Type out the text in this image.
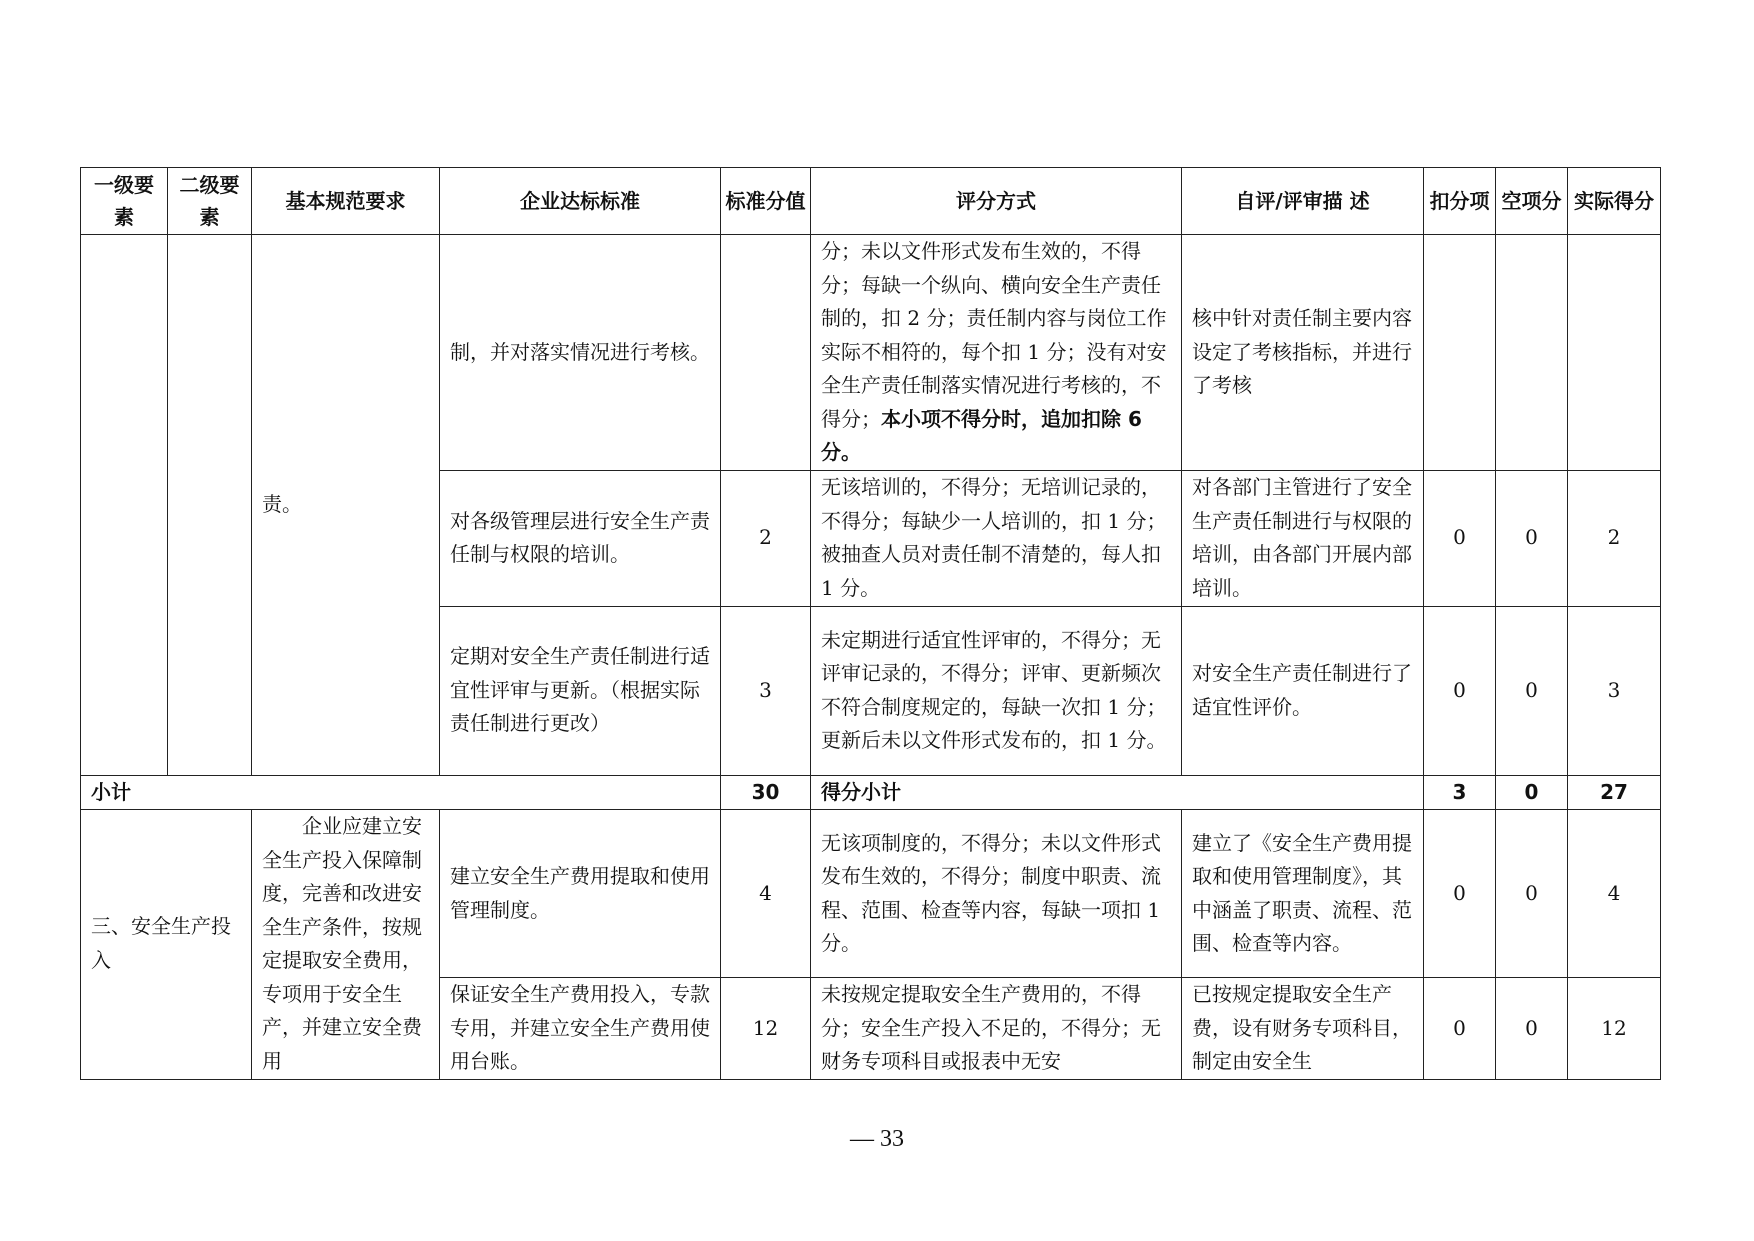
一级要素	二级要素	基本规范要求	企业达标标准	标准分值	评分方式	自评/评审描 述	扣分项	空项分	实际得分
		责。	制，并对落实情况进行考核。		分；未以文件形式发布生效的，不得分；每缺一个纵向、横向安全生产责任制的，扣 2 分；责任制内容与岗位工作实际不相符的，每个扣 1 分；没有对安全生产责任制落实情况进行考核的，不得分；本小项不得分时，追加扣除 6 分。	核中针对责任制主要内容设定了考核指标，并进行了考核			
			对各级管理层进行安全生产责任制与权限的培训。	2	无该培训的，不得分；无培训记录的，不得分；每缺少一人培训的，扣 1 分；被抽查人员对责任制不清楚的，每人扣 1 分。	对各部门主管进行了安全生产责任制进行与权限的培训，由各部门开展内部培训。	0	0	2
			定期对安全生产责任制进行适宜性评审与更新。（根据实际责任制进行更改）	3	未定期进行适宜性评审的，不得分；无评审记录的，不得分；评审、更新频次不符合制度规定的，每缺一次扣 1 分；更新后未以文件形式发布的，扣 1 分。	对安全生产责任制进行了适宜性评价。	0	0	3
小计				30	得分小计		3	0	27
三、安全生产投入		企业应建立安全生产投入保障制度，完善和改进安全生产条件，按规定提取安全费用，专项用于安全生产，并建立安全费用	建立安全生产费用提取和使用管理制度。	4	无该项制度的，不得分；未以文件形式发布生效的，不得分；制度中职责、流程、范围、检查等内容，每缺一项扣 1 分。	建立了《安全生产费用提取和使用管理制度》，其中涵盖了职责、流程、范围、检查等内容。	0	0	4
			保证安全生产费用投入，专款专用，并建立安全生产费用使用台账。	12	未按规定提取安全生产费用的，不得分；安全生产投入不足的，不得分；无财务专项科目或报表中无安	已按规定提取安全生产费，设有财务专项科目，制定由安全生	0	0	12
— 33
